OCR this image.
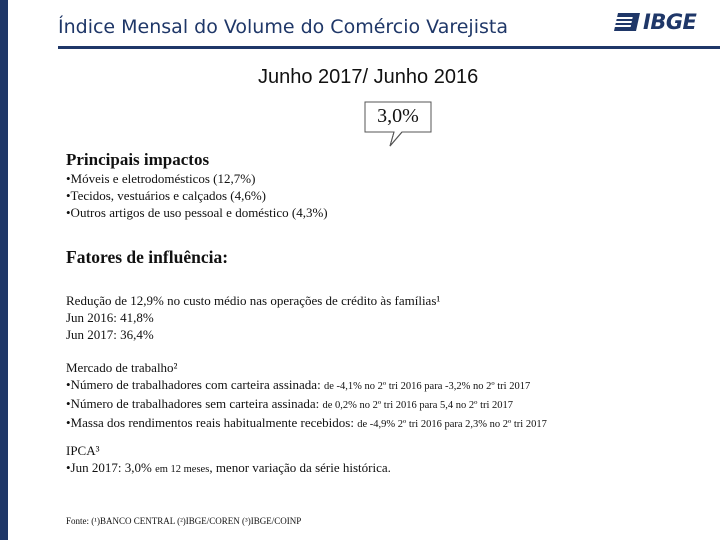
Índice Mensal do Volume do Comércio Varejista	IBGE
Junho 2017/ Junho 2016
3,0%
Principais impactos
•Móveis e eletrodomésticos (12,7%)
•Tecidos, vestuários e calçados (4,6%)
•Outros artigos de uso pessoal e doméstico (4,3%)
Fatores de influência:
Redução de 12,9% no custo médio nas operações de crédito às famílias¹
Jun 2016: 41,8%
Jun 2017: 36,4%
Mercado de trabalho²
•Número de trabalhadores com carteira assinada: de -4,1% no 2º tri 2016 para -3,2% no 2º tri 2017
•Número de trabalhadores sem carteira assinada: de 0,2% no 2º tri 2016 para 5,4 no 2º tri 2017
•Massa dos rendimentos reais habitualmente recebidos: de -4,9% 2º tri 2016 para 2,3% no 2º tri 2017
IPCA³
•Jun 2017: 3,0% em 12 meses, menor variação da série histórica.
Fonte: (¹)BANCO CENTRAL (²)IBGE/COREN (³)IBGE/COINP
